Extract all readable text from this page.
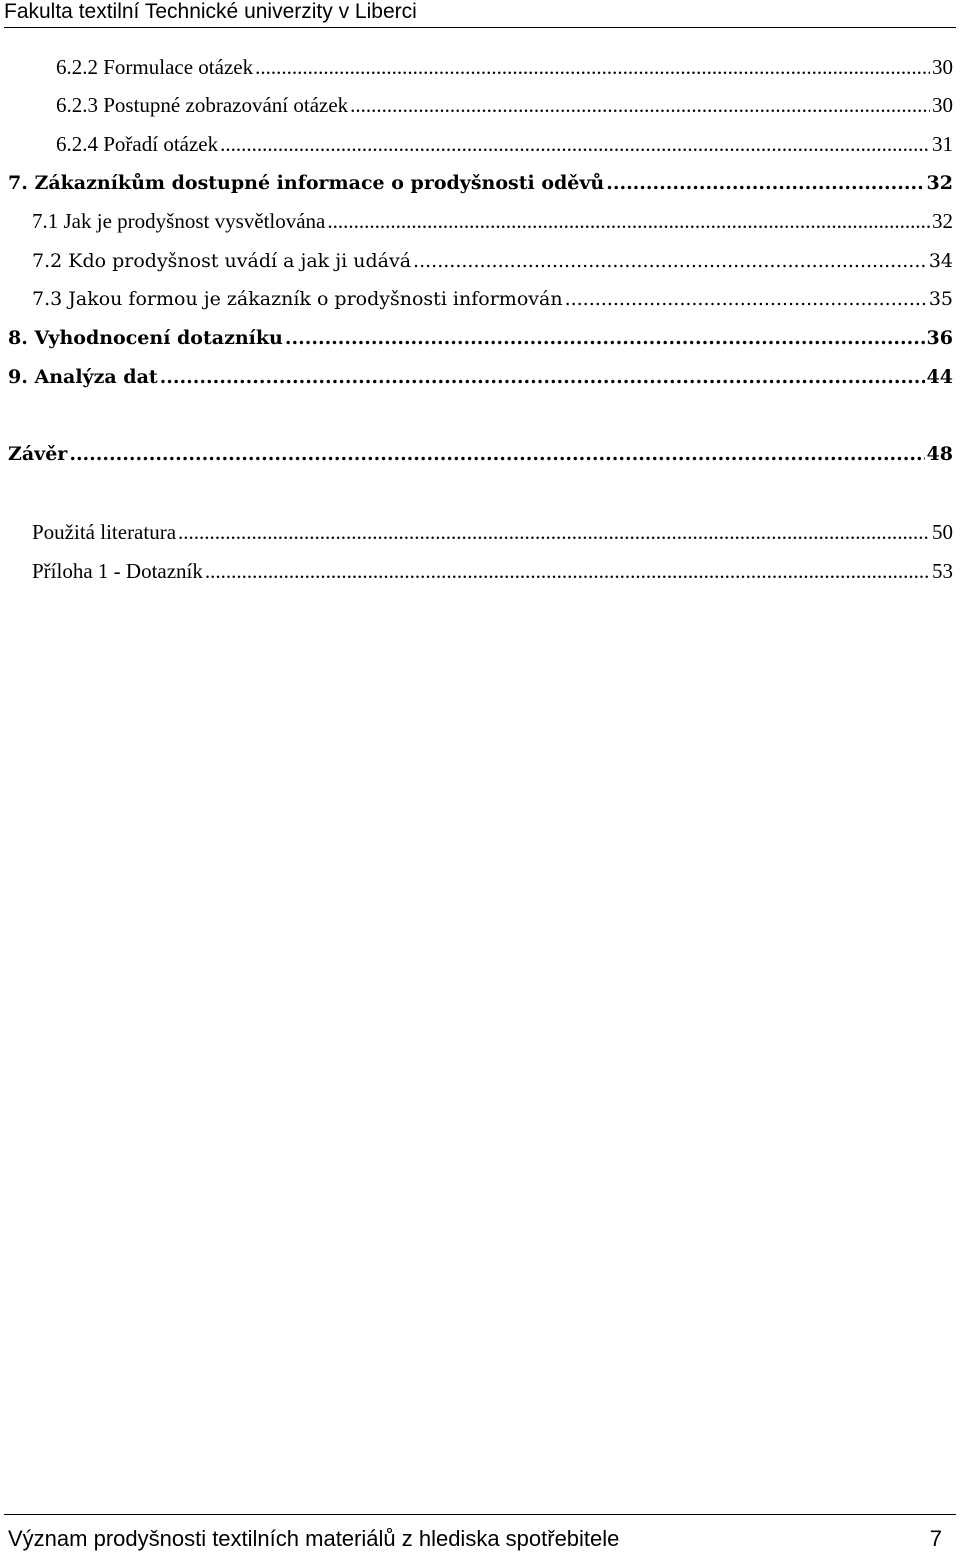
Fakulta textilní Technické univerzity v Liberci
6.2.2 Formulace otázek .....	30
6.2.3 Postupné zobrazování otázek .....	30
6.2.4 Pořadí otázek .....	31
7. Zákazníkům dostupné informace o prodyšnosti oděvů .....	32
7.1 Jak je prodyšnost vysvětlována .....	32
7.2 Kdo prodyšnost uvádí a jak ji udává .....	34
7.3 Jakou formou je zákazník o prodyšnosti informován .....	35
8. Vyhodnocení dotazníku .....	36
9. Analýza dat .....	44
Závěr .....	48
Použitá literatura .....	50
Příloha 1 - Dotazník .....	53
Význam prodyšnosti textilních materiálů z hlediska spotřebitele	7
